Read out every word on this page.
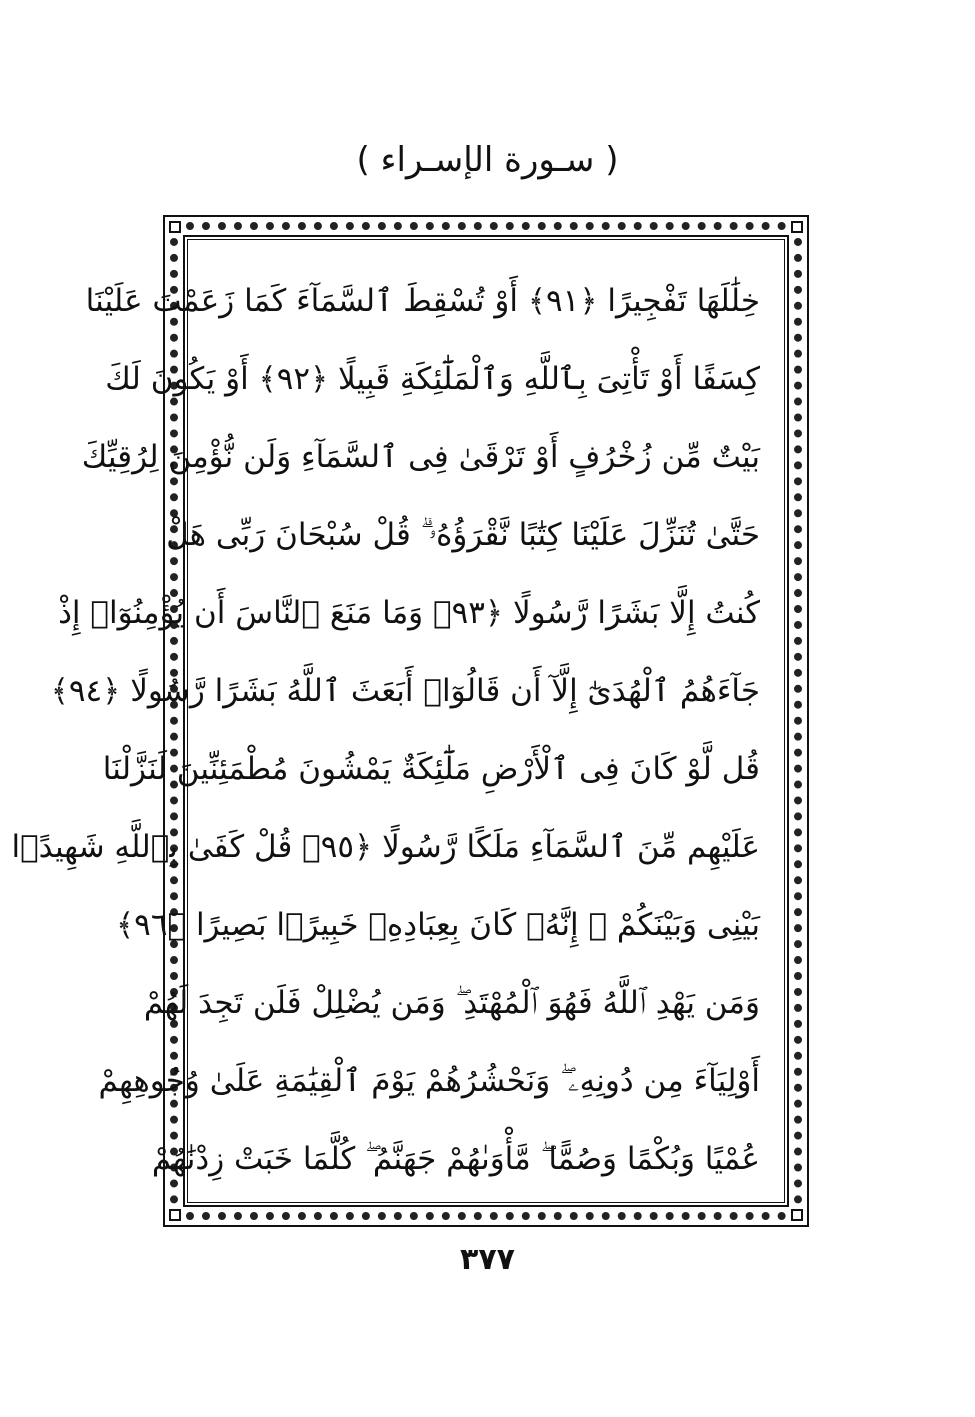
( سـورة الإسـراء )
خِلَٰلَهَا تَفْجِيرًا ﴿٩١﴾ أَوْ تُسْقِطَ ٱلسَّمَآءَ كَمَا زَعَمْتَ عَلَيْنَا
كِسَفًا أَوْ تَأْتِىَ بِٱللَّهِ وَٱلْمَلَٰٓئِكَةِ قَبِيلًا ﴿٩٢﴾ أَوْ يَكُونَ لَكَ
بَيْتٌ مِّن زُخْرُفٍ أَوْ تَرْقَىٰ فِى ٱلسَّمَآءِ وَلَن نُّؤْمِنَ لِرُقِيِّكَ
حَتَّىٰ تُنَزِّلَ عَلَيْنَا كِتَٰبًا نَّقْرَؤُهُۥ ۗ قُلْ سُبْحَانَ رَبِّى هَلْ
كُنتُ إِلَّا بَشَرًا رَّسُولًا ﴿٩٣﴾ وَمَا مَنَعَ ٱلنَّاسَ أَن يُؤْمِنُوٓا۟ إِذْ
جَآءَهُمُ ٱلْهُدَىٰٓ إِلَّآ أَن قَالُوٓا۟ أَبَعَثَ ٱللَّهُ بَشَرًا رَّسُولًا ﴿٩٤﴾
قُل لَّوْ كَانَ فِى ٱلْأَرْضِ مَلَٰٓئِكَةٌ يَمْشُونَ مُطْمَئِنِّينَ لَنَزَّلْنَا
عَلَيْهِم مِّنَ ٱلسَّمَآءِ مَلَكًا رَّسُولًا ﴿٩٥﴾ قُلْ كَفَىٰ بِٱللَّهِ شَهِيدًۢا
بَيْنِى وَبَيْنَكُمْ ۚ إِنَّهُۥ كَانَ بِعِبَادِهِۦ خَبِيرًۢا بَصِيرًا ﴿٩٦﴾
وَمَن يَهْدِ ٱللَّهُ فَهُوَ ٱلْمُهْتَدِ ۖ وَمَن يُضْلِلْ فَلَن تَجِدَ لَهُمْ
أَوْلِيَآءَ مِن دُونِهِۦ ۖ وَنَحْشُرُهُمْ يَوْمَ ٱلْقِيَٰمَةِ عَلَىٰ وُجُوهِهِمْ
عُمْيًا وَبُكْمًا وَصُمًّا ۖ مَّأْوَىٰهُمْ جَهَنَّمُ ۖ كُلَّمَا خَبَتْ زِدْنَٰهُمْ
٣٧٧
